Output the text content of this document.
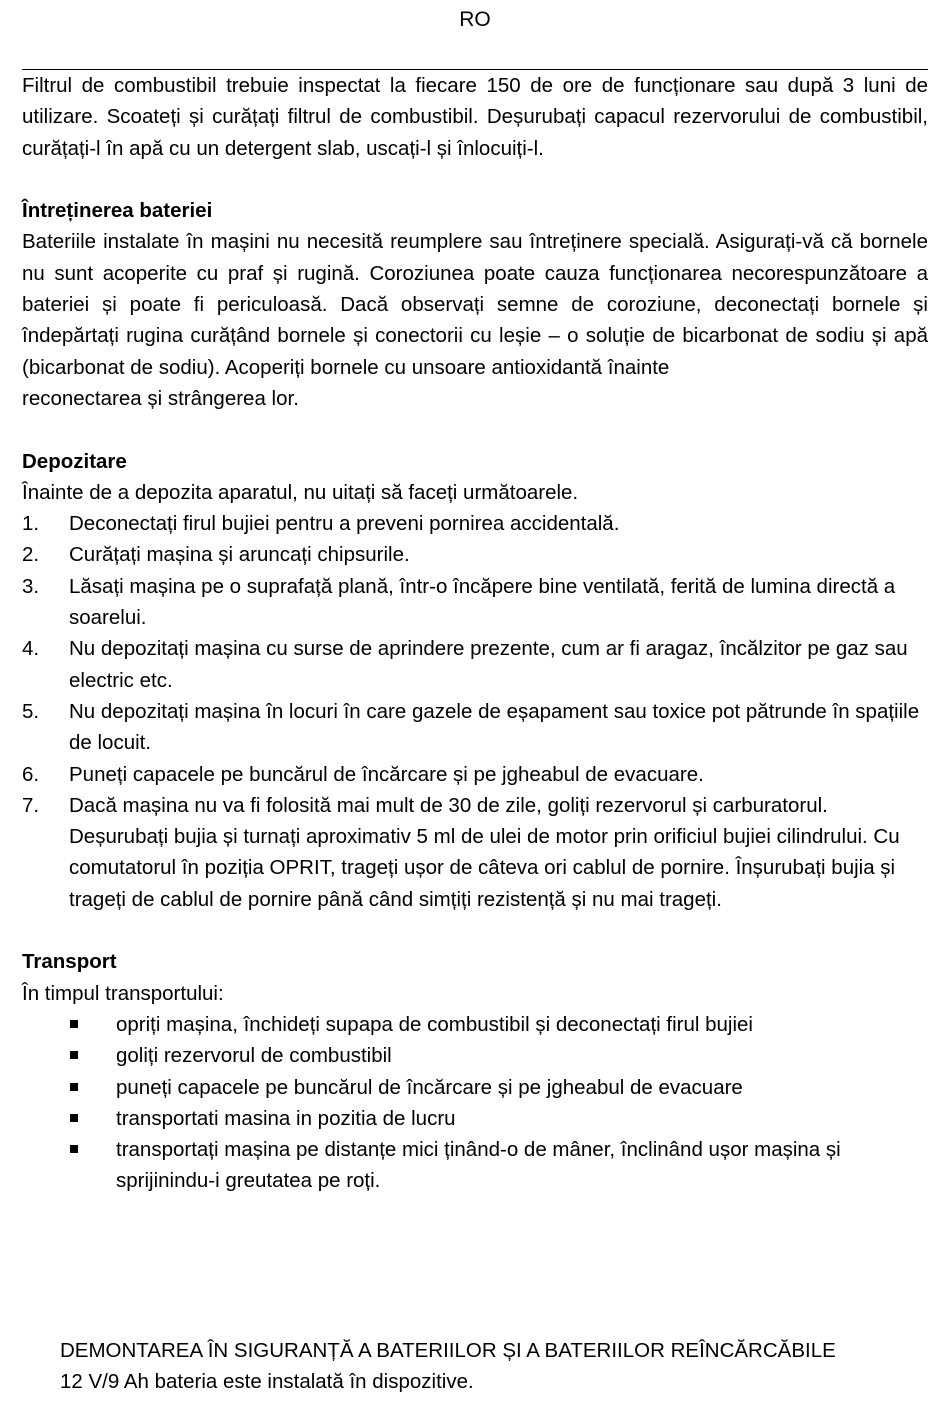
RO

Filtrul de combustibil trebuie inspectat la fiecare 150 de ore de funcționare sau după 3 luni de utilizare. Scoateți și curățați filtrul de combustibil. Deșurubați capacul rezervorului de combustibil, curățați-l în apă cu un detergent slab, uscați-l și înlocuiți-l.

Întreținerea bateriei

Bateriile instalate în mașini nu necesită reumplere sau întreținere specială. Asigurați-vă că bornele nu sunt acoperite cu praf și rugină. Coroziunea poate cauza funcționarea necorespunzătoare a bateriei și poate fi periculoasă. Dacă observați semne de coroziune, deconectați bornele și îndepărtați rugina curățând bornele și conectorii cu leșie – o soluție de bicarbonat de sodiu și apă (bicarbonat de sodiu). Acoperiți bornele cu unsoare antioxidantă înainte

reconectarea și strângerea lor.

Depozitare

Înainte de a depozita aparatul, nu uitați să faceți următoarele.

1.	Deconectați firul bujiei pentru a preveni pornirea accidentală.
2.	Curățați mașina și aruncați chipsurile.
3.	Lăsați mașina pe o suprafață plană, într-o încăpere bine ventilată, ferită de lumina directă a soarelui.
4.	Nu depozitați mașina cu surse de aprindere prezente, cum ar fi aragaz, încălzitor pe gaz sau electric etc.
5.	Nu depozitați mașina în locuri în care gazele de eșapament sau toxice pot pătrunde în spațiile de locuit.
6.	Puneți capacele pe buncărul de încărcare și pe jgheabul de evacuare.
7.	Dacă mașina nu va fi folosită mai mult de 30 de zile, goliți rezervorul și carburatorul. Deșurubați bujia și turnați aproximativ 5 ml de ulei de motor prin orificiul bujiei cilindrului. Cu comutatorul în poziția OPRIT, trageți ușor de câteva ori cablul de pornire. Înșurubați bujia și trageți de cablul de pornire până când simțiți rezistență și nu mai trageți.

Transport

În timpul transportului:

opriți mașina, închideți supapa de combustibil și deconectați firul bujiei
goliți rezervorul de combustibil
puneți capacele pe buncărul de încărcare și pe jgheabul de evacuare
transportati masina in pozitia de lucru
transportați mașina pe distanțe mici ținând-o de mâner, înclinând ușor mașina și sprijinindu-i greutatea pe roți.

DEMONTAREA ÎN SIGURANȚĂ A BATERIILOR ȘI A BATERIILOR REÎNCĂRCĂBILE

12 V/9 Ah bateria este instalată în dispozitive.
